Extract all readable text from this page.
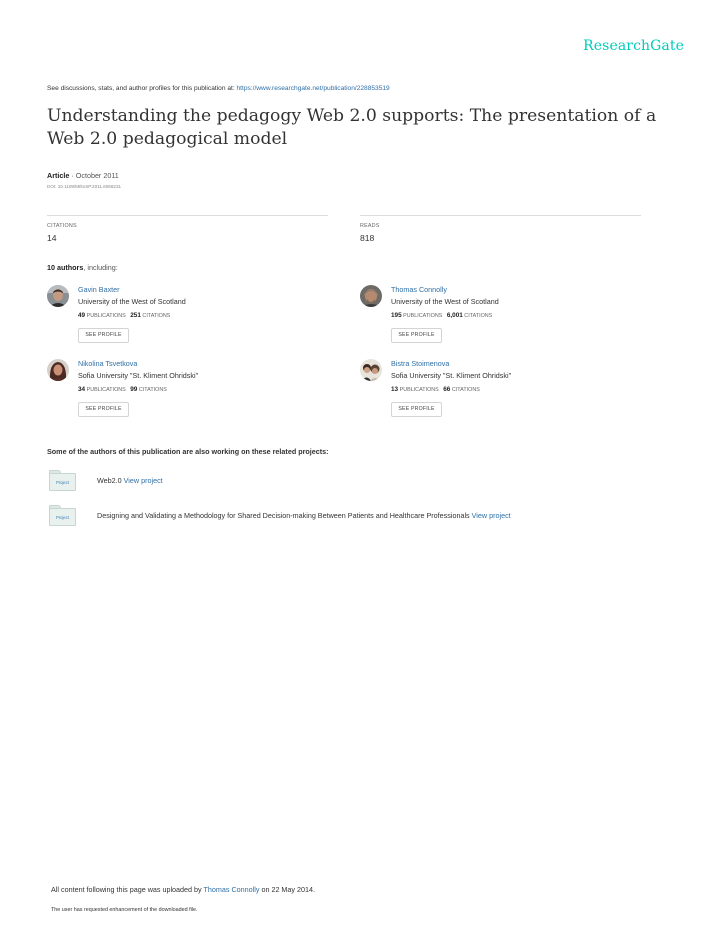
ResearchGate
See discussions, stats, and author profiles for this publication at: https://www.researchgate.net/publication/228853519
Understanding the pedagogy Web 2.0 supports: The presentation of a Web 2.0 pedagogical model
Article · October 2011
DOI: 10.1109/MIltoSP.2011.6068231
CITATIONS
14
READS
818
10 authors, including:
Gavin Baxter
University of the West of Scotland
49 PUBLICATIONS 251 CITATIONS
SEE PROFILE
Thomas Connolly
University of the West of Scotland
195 PUBLICATIONS 6,001 CITATIONS
SEE PROFILE
Nikolina Tsvetkova
Sofia University "St. Kliment Ohridski"
34 PUBLICATIONS 99 CITATIONS
SEE PROFILE
Bistra Stoimenova
Sofia University "St. Kliment Ohridski"
13 PUBLICATIONS 66 CITATIONS
SEE PROFILE
Some of the authors of this publication are also working on these related projects:
Project	Web2.0 View project
Project	Designing and Validating a Methodology for Shared Decision-making Between Patients and Healthcare Professionals View project
All content following this page was uploaded by Thomas Connolly on 22 May 2014.
The user has requested enhancement of the downloaded file.
